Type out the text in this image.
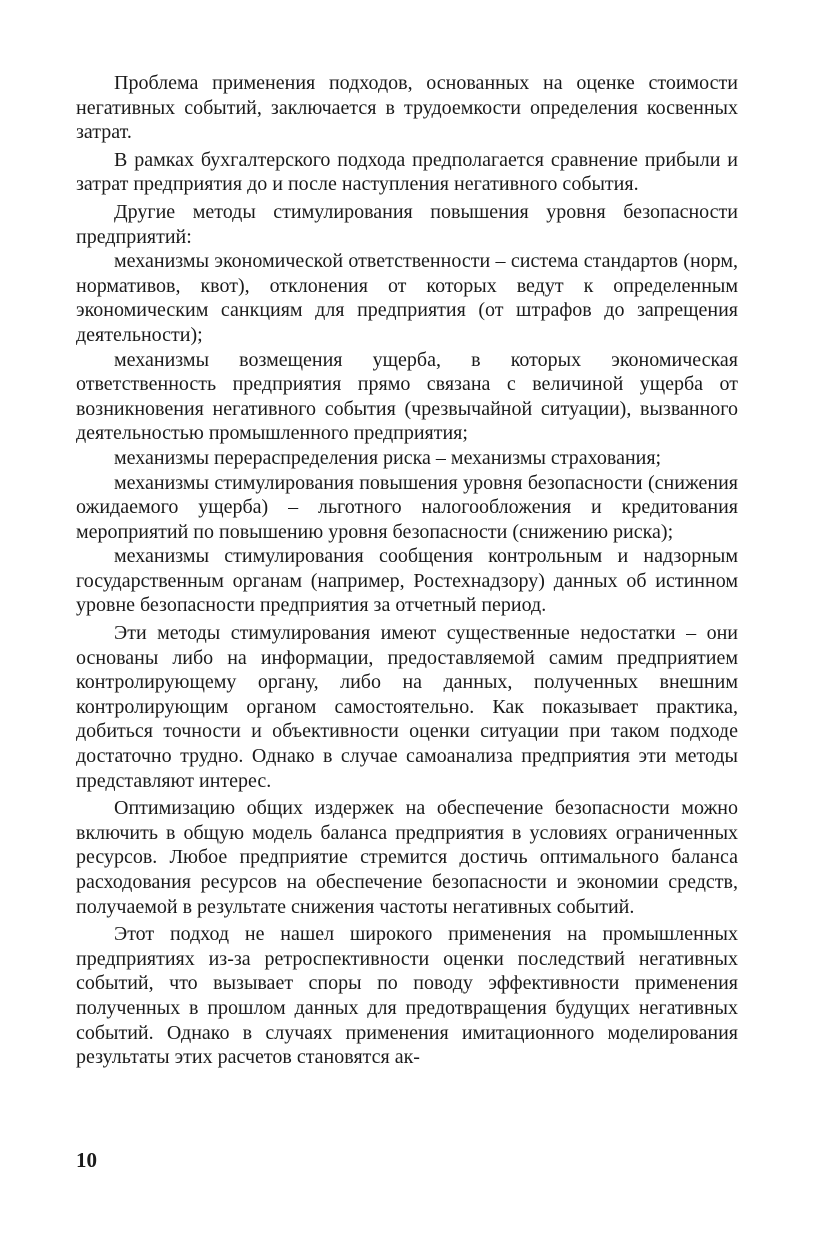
Проблема применения подходов, основанных на оценке стоимости негативных событий, заключается в трудоемкости определения косвенных затрат.

В рамках бухгалтерского подхода предполагается сравнение прибыли и затрат предприятия до и после наступления негативного события.

Другие методы стимулирования повышения уровня безопасности предприятий:

механизмы экономической ответственности – система стандартов (норм, нормативов, квот), отклонения от которых ведут к определенным экономическим санкциям для предприятия (от штрафов до запрещения деятельности);

механизмы возмещения ущерба, в которых экономическая ответственность предприятия прямо связана с величиной ущерба от возникновения негативного события (чрезвычайной ситуации), вызванного деятельностью промышленного предприятия;

механизмы перераспределения риска – механизмы страхования;

механизмы стимулирования повышения уровня безопасности (снижения ожидаемого ущерба) – льготного налогообложения и кредитования мероприятий по повышению уровня безопасности (снижению риска);

механизмы стимулирования сообщения контрольным и надзорным государственным органам (например, Ростехнадзору) данных об истинном уровне безопасности предприятия за отчетный период.

Эти методы стимулирования имеют существенные недостатки – они основаны либо на информации, предоставляемой самим предприятием контролирующему органу, либо на данных, полученных внешним контролирующим органом самостоятельно. Как показывает практика, добиться точности и объективности оценки ситуации при таком подходе достаточно трудно. Однако в случае самоанализа предприятия эти методы представляют интерес.

Оптимизацию общих издержек на обеспечение безопасности можно включить в общую модель баланса предприятия в условиях ограниченных ресурсов. Любое предприятие стремится достичь оптимального баланса расходования ресурсов на обеспечение безопасности и экономии средств, получаемой в результате снижения частоты негативных событий.

Этот подход не нашел широкого применения на промышленных предприятиях из-за ретроспективности оценки последствий негативных событий, что вызывает споры по поводу эффективности применения полученных в прошлом данных для предотвращения будущих негативных событий. Однако в случаях применения имитационного моделирования результаты этих расчетов становятся ак-

10
